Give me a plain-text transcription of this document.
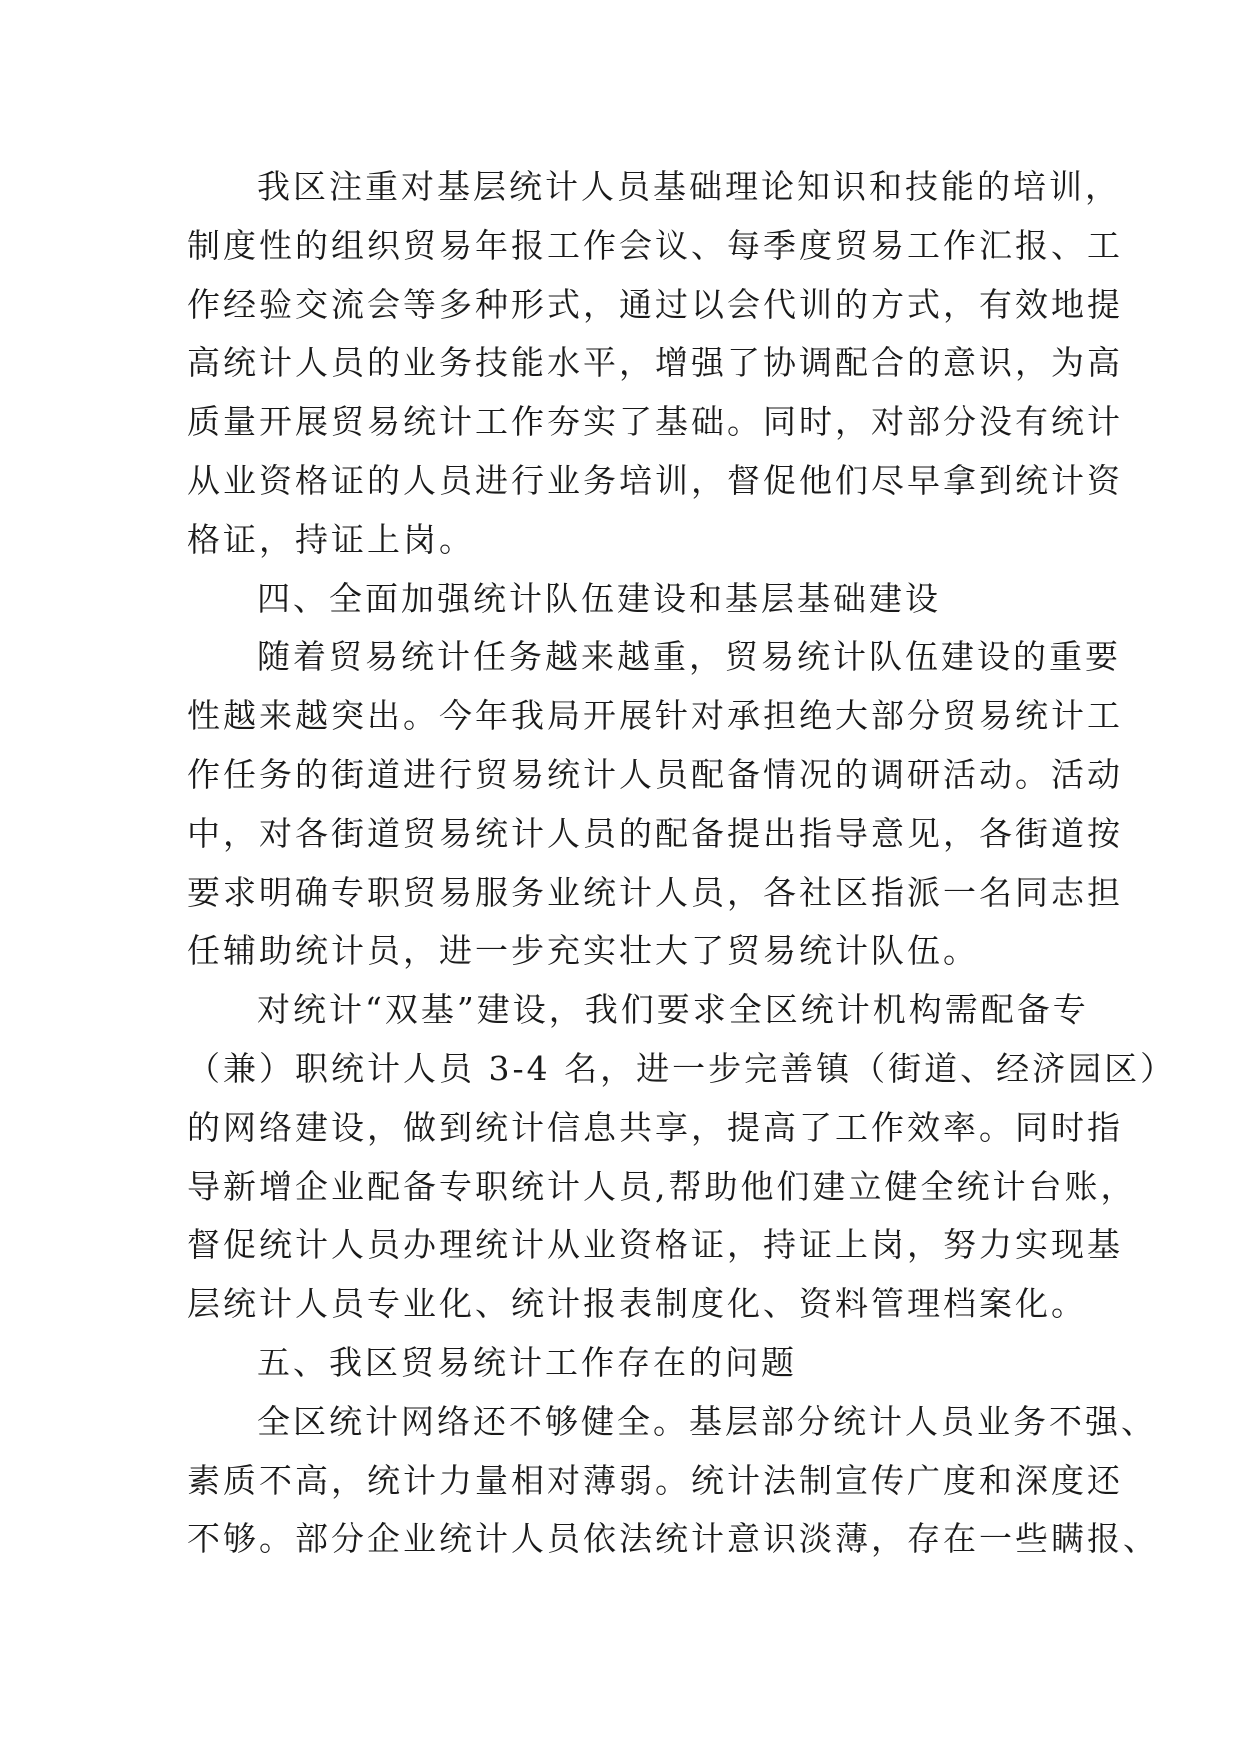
我区注重对基层统计人员基础理论知识和技能的培训，
制度性的组织贸易年报工作会议、每季度贸易工作汇报、工
作经验交流会等多种形式，通过以会代训的方式，有效地提
高统计人员的业务技能水平，增强了协调配合的意识，为高
质量开展贸易统计工作夯实了基础。同时，对部分没有统计
从业资格证的人员进行业务培训，督促他们尽早拿到统计资
格证，持证上岗。
四、全面加强统计队伍建设和基层基础建设
随着贸易统计任务越来越重，贸易统计队伍建设的重要
性越来越突出。今年我局开展针对承担绝大部分贸易统计工
作任务的街道进行贸易统计人员配备情况的调研活动。活动
中，对各街道贸易统计人员的配备提出指导意见，各街道按
要求明确专职贸易服务业统计人员，各社区指派一名同志担
任辅助统计员，进一步充实壮大了贸易统计队伍。
对统计“双基”建设，我们要求全区统计机构需配备专
（兼）职统计人员 3-4 名，进一步完善镇（街道、经济园区）
的网络建设，做到统计信息共享，提高了工作效率。同时指
导新增企业配备专职统计人员,帮助他们建立健全统计台账，
督促统计人员办理统计从业资格证，持证上岗，努力实现基
层统计人员专业化、统计报表制度化、资料管理档案化。
五、我区贸易统计工作存在的问题
全区统计网络还不够健全。基层部分统计人员业务不强、
素质不高，统计力量相对薄弱。统计法制宣传广度和深度还
不够。部分企业统计人员依法统计意识淡薄，存在一些瞒报、
